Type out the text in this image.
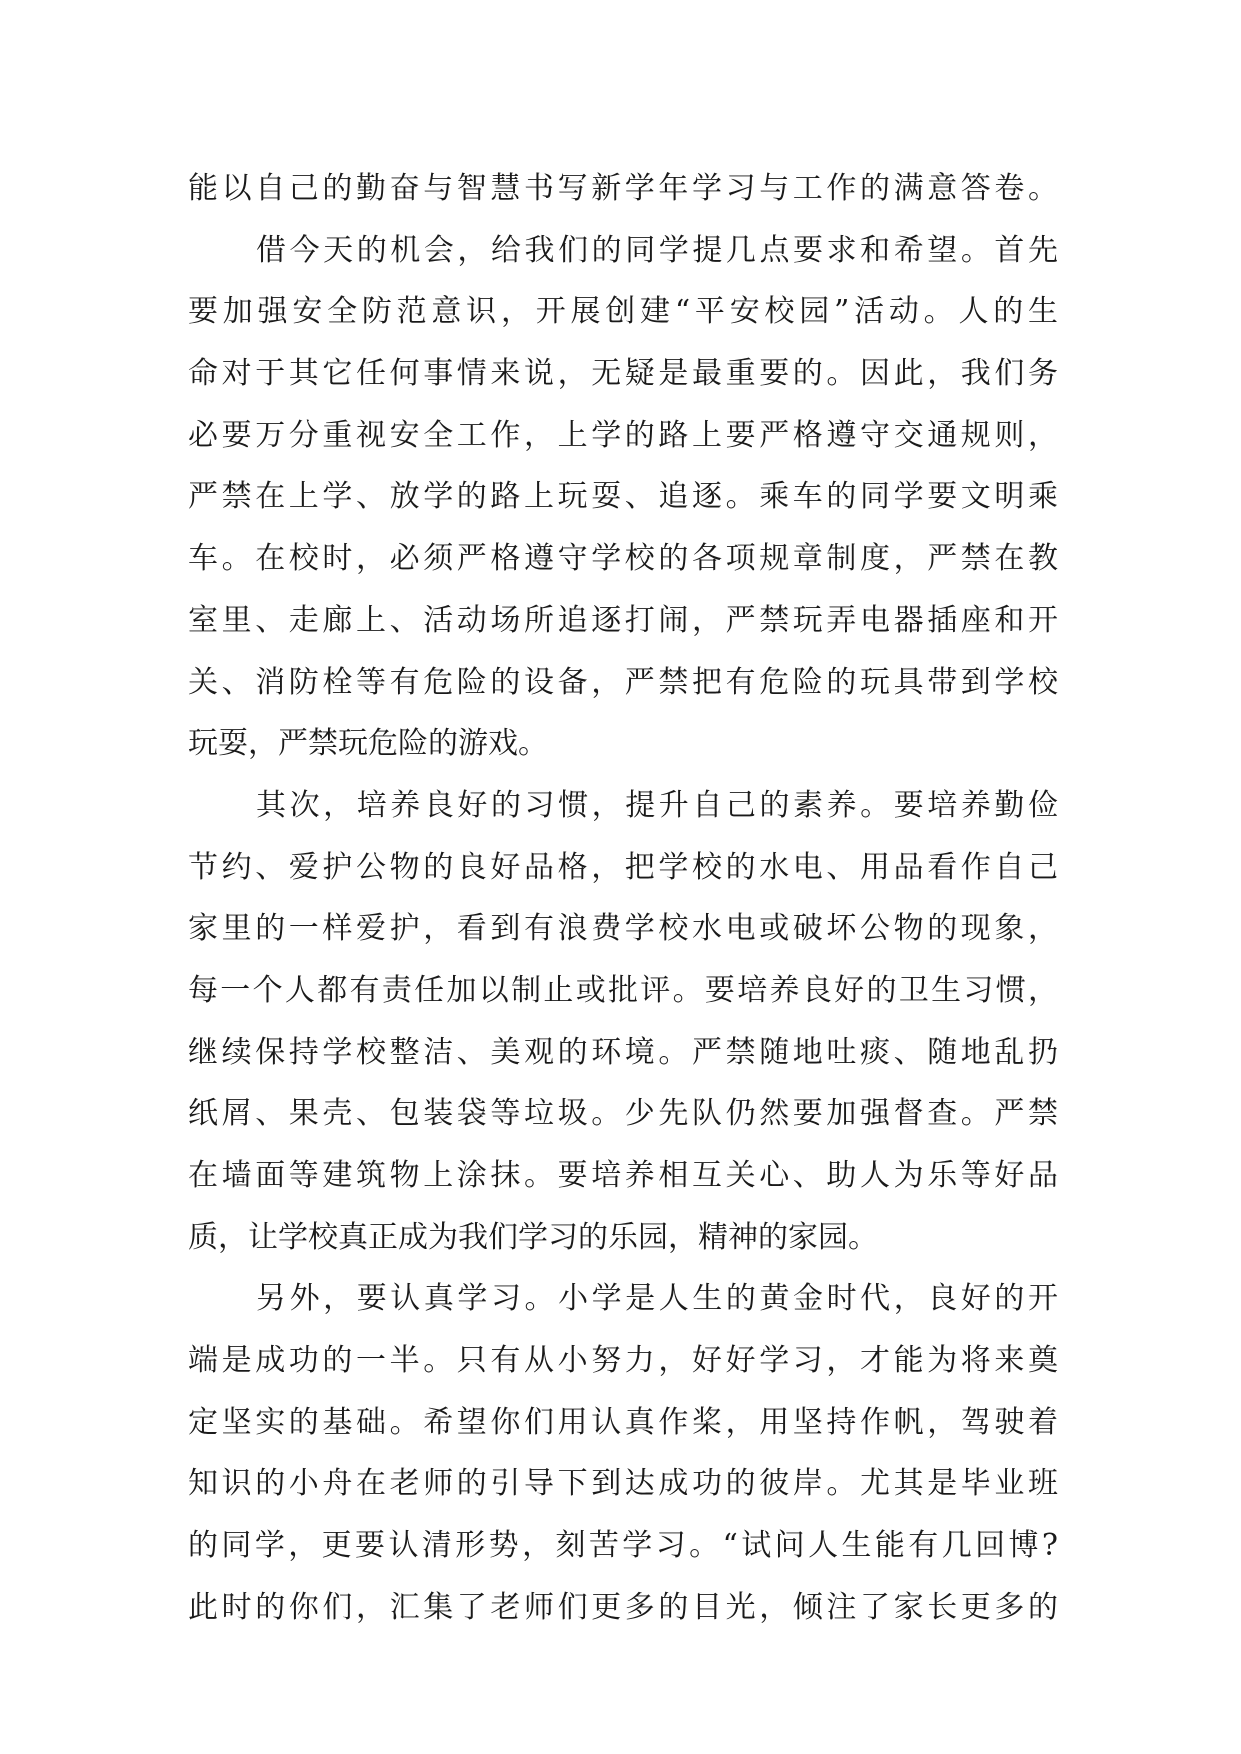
能以自己的勤奋与智慧书写新学年学习与工作的满意答卷。
借今天的机会，给我们的同学提几点要求和希望。首先
要加强安全防范意识，开展创建“平安校园”活动。人的生
命对于其它任何事情来说，无疑是最重要的。因此，我们务
必要万分重视安全工作，上学的路上要严格遵守交通规则，
严禁在上学、放学的路上玩耍、追逐。乘车的同学要文明乘
车。在校时，必须严格遵守学校的各项规章制度，严禁在教
室里、走廊上、活动场所追逐打闹，严禁玩弄电器插座和开
关、消防栓等有危险的设备，严禁把有危险的玩具带到学校
玩耍，严禁玩危险的游戏。
其次，培养良好的习惯，提升自己的素养。要培养勤俭
节约、爱护公物的良好品格，把学校的水电、用品看作自己
家里的一样爱护，看到有浪费学校水电或破坏公物的现象，
每一个人都有责任加以制止或批评。要培养良好的卫生习惯，
继续保持学校整洁、美观的环境。严禁随地吐痰、随地乱扔
纸屑、果壳、包装袋等垃圾。少先队仍然要加强督查。严禁
在墙面等建筑物上涂抹。要培养相互关心、助人为乐等好品
质，让学校真正成为我们学习的乐园，精神的家园。
另外，要认真学习。小学是人生的黄金时代，良好的开
端是成功的一半。只有从小努力，好好学习，才能为将来奠
定坚实的基础。希望你们用认真作桨，用坚持作帆，驾驶着
知识的小舟在老师的引导下到达成功的彼岸。尤其是毕业班
的同学，更要认清形势，刻苦学习。“试问人生能有几回博?
此时的你们，汇集了老师们更多的目光，倾注了家长更多的
